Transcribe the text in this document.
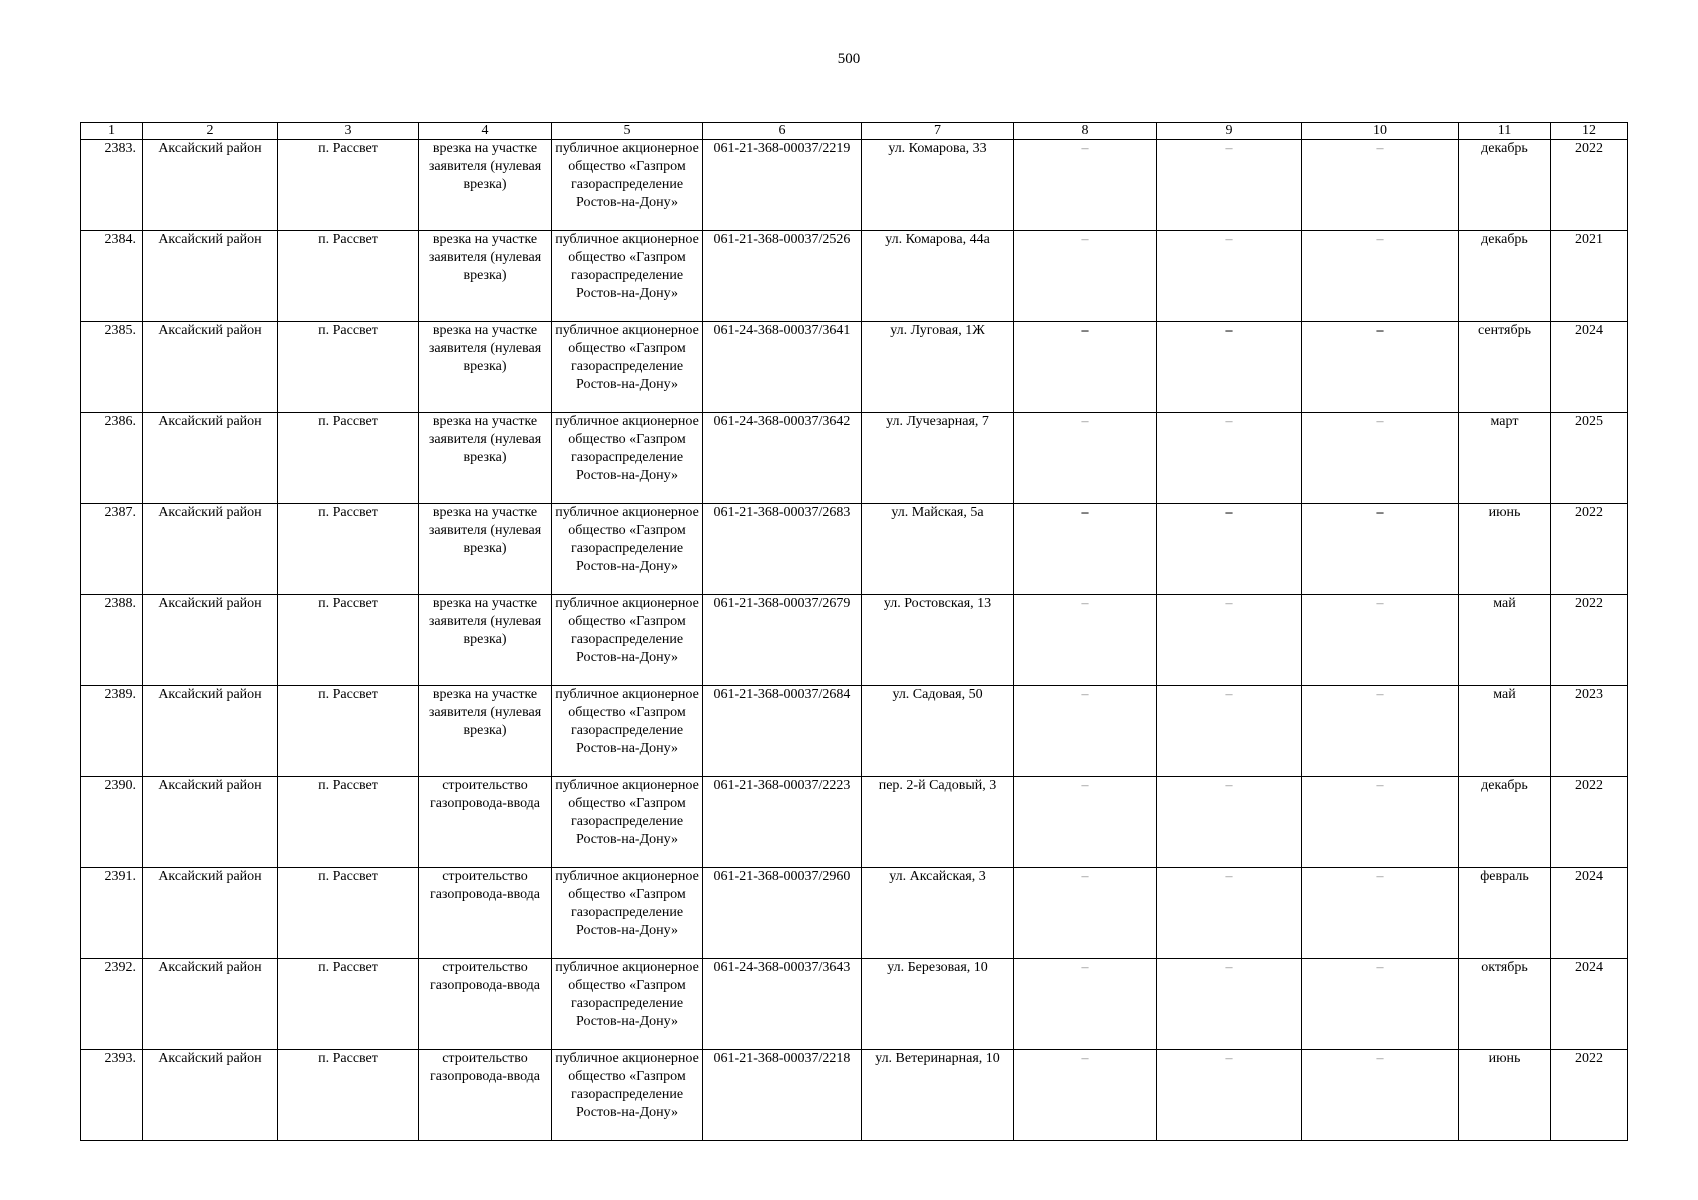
500
1	2	3	4	5	6	7	8	9	10	11	12
2383.	Аксайский район	п. Рассвет	врезка на участке заявителя (нулевая врезка)	публичное акционерное общество «Газпром газораспределение Ростов-на-Дону»	061-21-368-00037/2219	ул. Комарова, 33	–	–	–	декабрь	2022
2384.	Аксайский район	п. Рассвет	врезка на участке заявителя (нулевая врезка)	публичное акционерное общество «Газпром газораспределение Ростов-на-Дону»	061-21-368-00037/2526	ул. Комарова, 44а	–	–	–	декабрь	2021
2385.	Аксайский район	п. Рассвет	врезка на участке заявителя (нулевая врезка)	публичное акционерное общество «Газпром газораспределение Ростов-на-Дону»	061-24-368-00037/3641	ул. Луговая, 1Ж	–	–	–	сентябрь	2024
2386.	Аксайский район	п. Рассвет	врезка на участке заявителя (нулевая врезка)	публичное акционерное общество «Газпром газораспределение Ростов-на-Дону»	061-24-368-00037/3642	ул. Лучезарная, 7	–	–	–	март	2025
2387.	Аксайский район	п. Рассвет	врезка на участке заявителя (нулевая врезка)	публичное акционерное общество «Газпром газораспределение Ростов-на-Дону»	061-21-368-00037/2683	ул. Майская, 5а	–	–	–	июнь	2022
2388.	Аксайский район	п. Рассвет	врезка на участке заявителя (нулевая врезка)	публичное акционерное общество «Газпром газораспределение Ростов-на-Дону»	061-21-368-00037/2679	ул. Ростовская, 13	–	–	–	май	2022
2389.	Аксайский район	п. Рассвет	врезка на участке заявителя (нулевая врезка)	публичное акционерное общество «Газпром газораспределение Ростов-на-Дону»	061-21-368-00037/2684	ул. Садовая, 50	–	–	–	май	2023
2390.	Аксайский район	п. Рассвет	строительство газопровода-ввода	публичное акционерное общество «Газпром газораспределение Ростов-на-Дону»	061-21-368-00037/2223	пер. 2-й Садовый, 3	–	–	–	декабрь	2022
2391.	Аксайский район	п. Рассвет	строительство газопровода-ввода	публичное акционерное общество «Газпром газораспределение Ростов-на-Дону»	061-21-368-00037/2960	ул. Аксайская, 3	–	–	–	февраль	2024
2392.	Аксайский район	п. Рассвет	строительство газопровода-ввода	публичное акционерное общество «Газпром газораспределение Ростов-на-Дону»	061-24-368-00037/3643	ул. Березовая, 10	–	–	–	октябрь	2024
2393.	Аксайский район	п. Рассвет	строительство газопровода-ввода	публичное акционерное общество «Газпром газораспределение Ростов-на-Дону»	061-21-368-00037/2218	ул. Ветеринарная, 10	–	–	–	июнь	2022
